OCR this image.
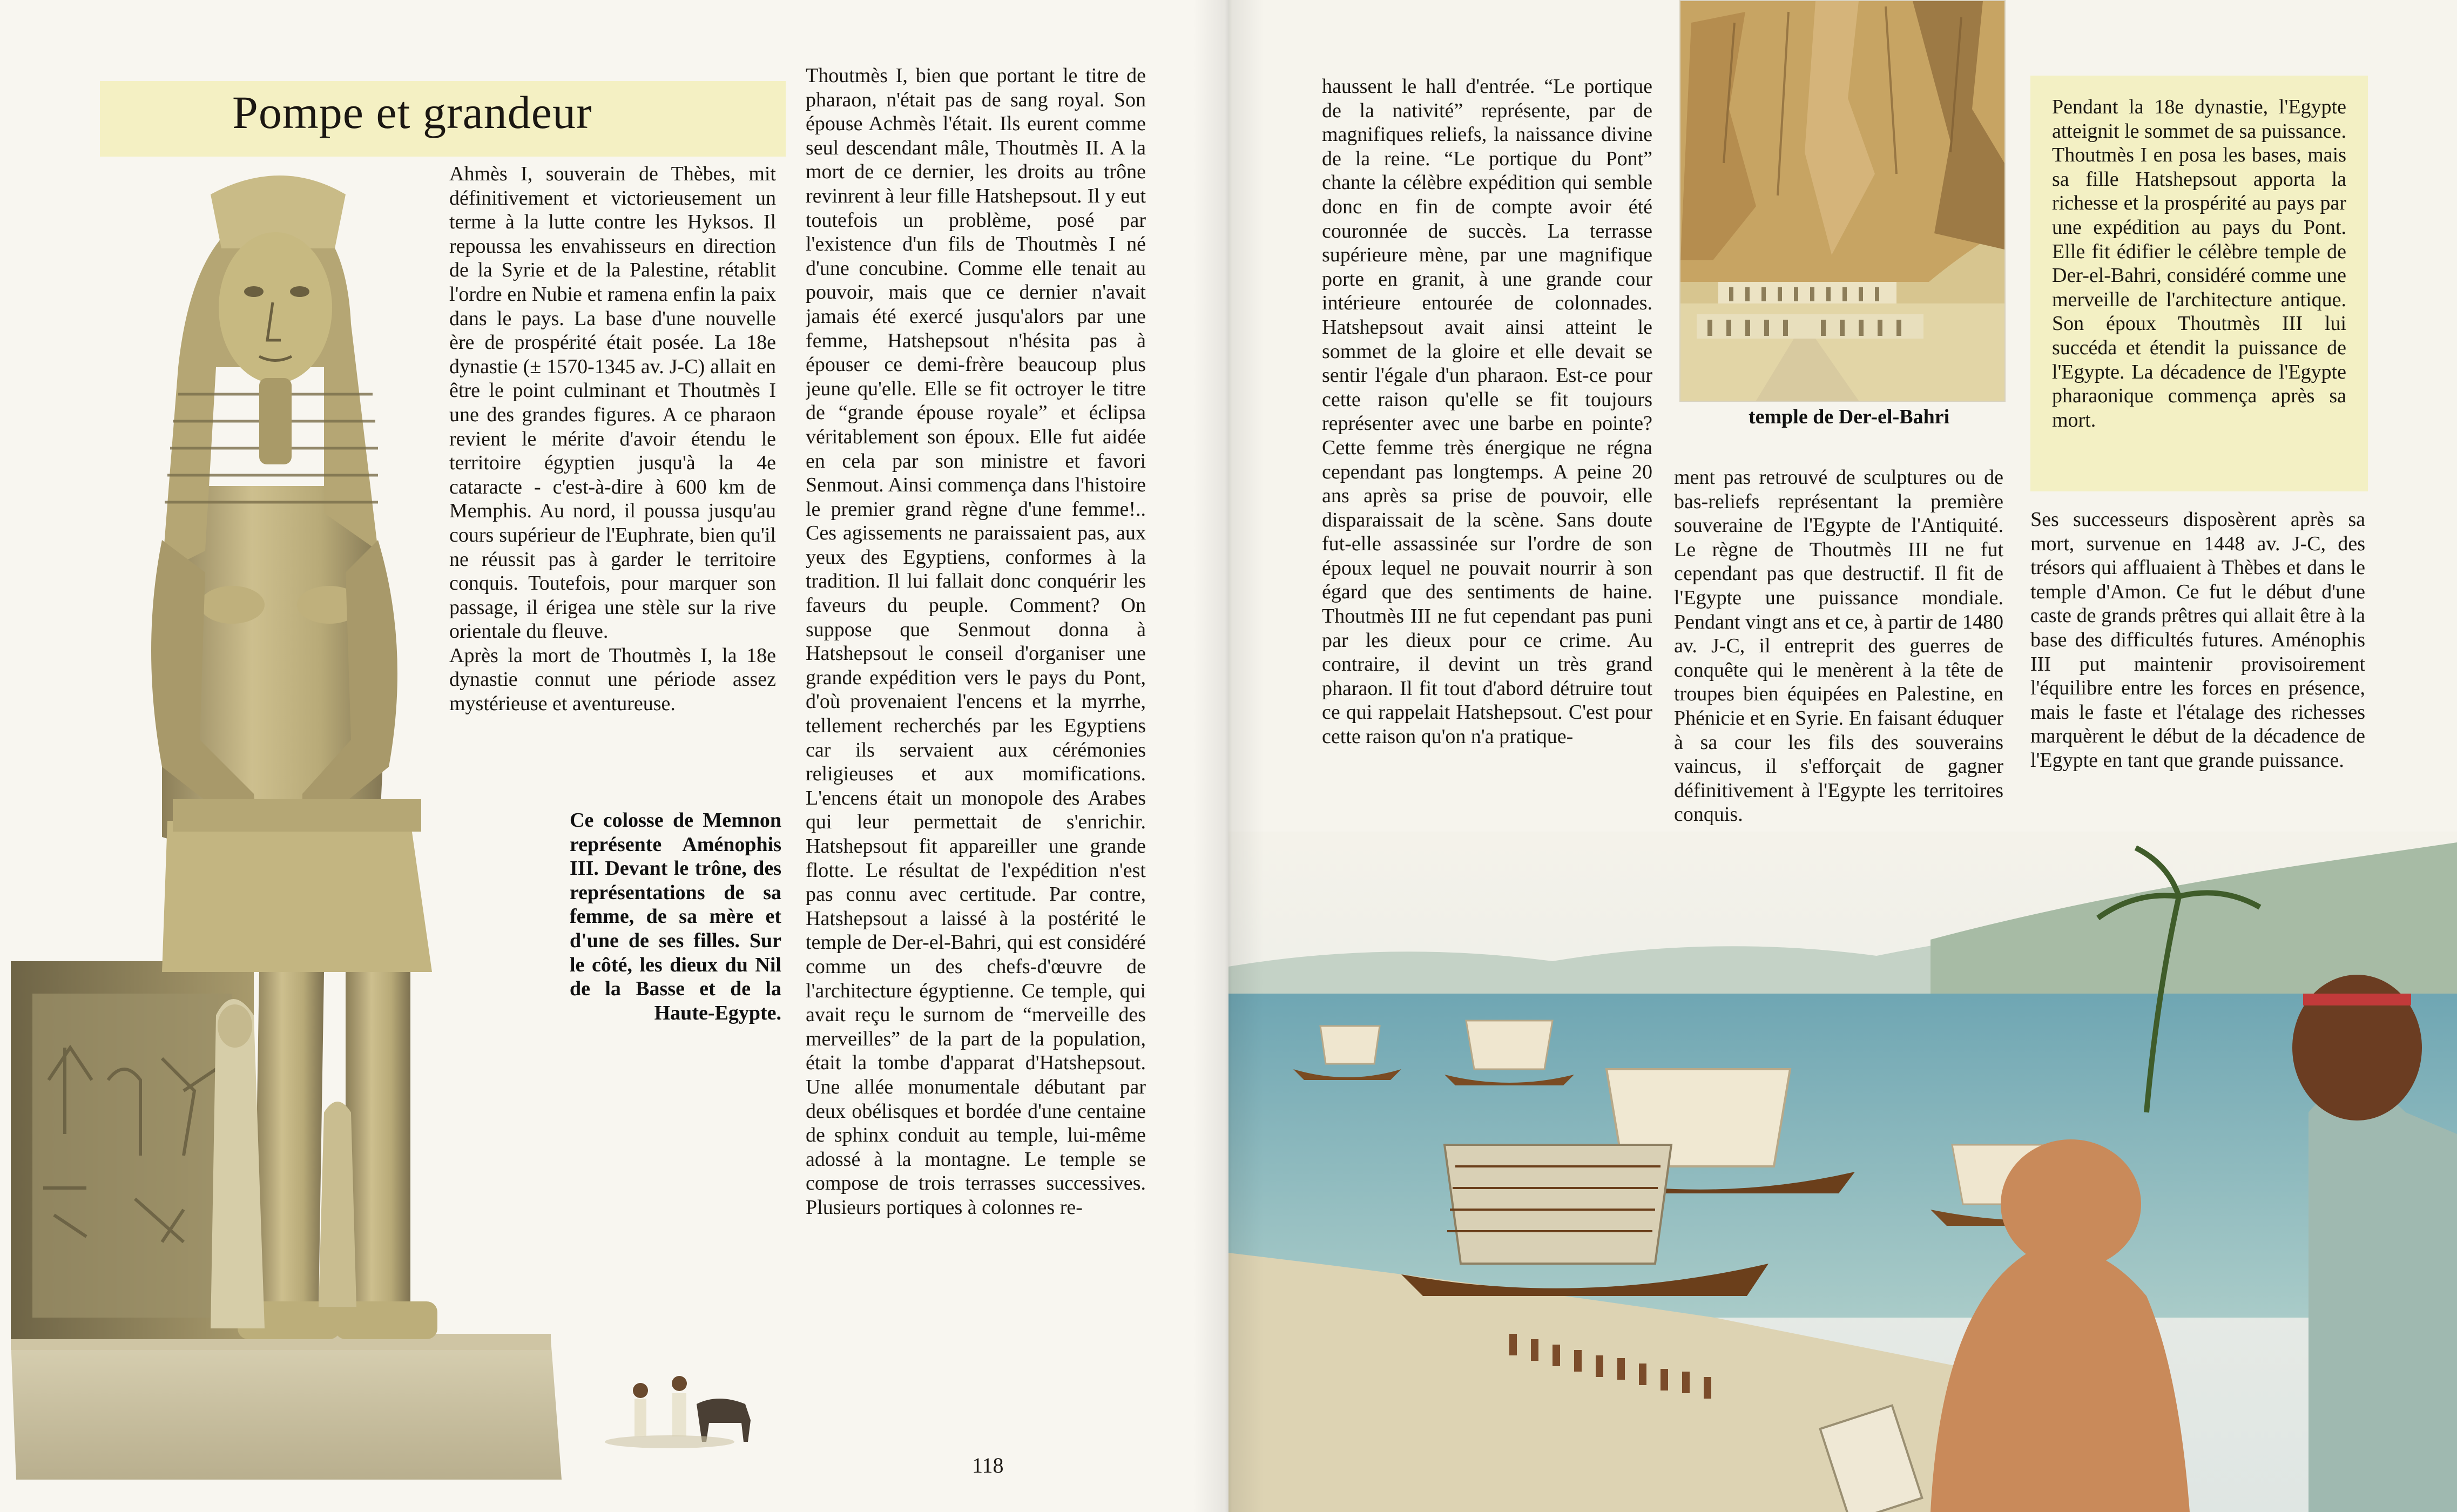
Pompe et grandeur

Ahmès I, souverain de Thèbes, mit définitivement et victorieusement un terme à la lutte contre les Hyksos. Il repoussa les envahisseurs en direction de la Syrie et de la Palestine, rétablit l'ordre en Nubie et ramena enfin la paix dans le pays. La base d'une nouvelle ère de prospérité était posée. La 18e dynastie (± 1570-1345 av. J-C) allait en être le point culminant et Thoutmès I une des grandes figures. A ce pharaon revient le mérite d'avoir étendu le territoire égyptien jusqu'à la 4e cataracte - c'est-à-dire à 600 km de Memphis. Au nord, il poussa jusqu'au cours supérieur de l'Euphrate, bien qu'il ne réussit pas à garder le territoire conquis. Toutefois, pour marquer son passage, il érigea une stèle sur la rive orientale du fleuve.

Après la mort de Thoutmès I, la 18e dynastie connut une période assez mystérieuse et aventureuse.

Ce colosse de Memnon représente Aménophis III. Devant le trône, des représentations de sa femme, de sa mère et d'une de ses filles. Sur le côté, les dieux du Nil de la Basse et de la Haute-Egypte.

Thoutmès I, bien que portant le titre de pharaon, n'était pas de sang royal. Son épouse Achmès l'était. Ils eurent comme seul descendant mâle, Thoutmès II. A la mort de ce dernier, les droits au trône revinrent à leur fille Hatshepsout. Il y eut toutefois un problème, posé par l'existence d'un fils de Thoutmès I né d'une concubine. Comme elle tenait au pouvoir, mais que ce dernier n'avait jamais été exercé jusqu'alors par une femme, Hatshepsout n'hésita pas à épouser ce demi-frère beaucoup plus jeune qu'elle. Elle se fit octroyer le titre de “grande épouse royale” et éclipsa véritablement son époux. Elle fut aidée en cela par son ministre et favori Senmout. Ainsi commença dans l'histoire le premier grand règne d'une femme!.. Ces agissements ne paraissaient pas, aux yeux des Egyptiens, conformes à la tradition. Il lui fallait donc conquérir les faveurs du peuple. Comment? On suppose que Senmout donna à Hatshepsout le conseil d'organiser une grande expédition vers le pays du Pont, d'où provenaient l'encens et la myrrhe, tellement recherchés par les Egyptiens car ils servaient aux cérémonies religieuses et aux momifications. L'encens était un monopole des Arabes qui leur permettait de s'enrichir. Hatshepsout fit appareiller une grande flotte. Le résultat de l'expédition n'est pas connu avec certitude. Par contre, Hatshepsout a laissé à la postérité le temple de Der-el-Bahri, qui est considéré comme un des chefs-d'œuvre de l'architecture égyptienne. Ce temple, qui avait reçu le surnom de “merveille des merveilles” de la part de la population, était la tombe d'apparat d'Hatshepsout. Une allée monumentale débutant par deux obélisques et bordée d'une centaine de sphinx conduit au temple, lui-même adossé à la montagne. Le temple se compose de trois terrasses successives. Plusieurs portiques à colonnes re-

118

haussent le hall d'entrée. “Le portique de la nativité” représente, par de magnifiques reliefs, la naissance divine de la reine. “Le portique du Pont” chante la célèbre expédition qui semble donc en fin de compte avoir été couronnée de succès. La terrasse supérieure mène, par une magnifique porte en granit, à une grande cour intérieure entourée de colonnades. Hatshepsout avait ainsi atteint le sommet de la gloire et elle devait se sentir l'égale d'un pharaon. Est-ce pour cette raison qu'elle se fit toujours représenter avec une barbe en pointe? Cette femme très énergique ne régna cependant pas longtemps. A peine 20 ans après sa prise de pouvoir, elle disparaissait de la scène. Sans doute fut-elle assassinée sur l'ordre de son époux lequel ne pouvait nourrir à son égard que des sentiments de haine. Thoutmès III ne fut cependant pas puni par les dieux pour ce crime. Au contraire, il devint un très grand pharaon. Il fit tout d'abord détruire tout ce qui rappelait Hatshepsout. C'est pour cette raison qu'on n'a pratique-

temple de Der-el-Bahri

ment pas retrouvé de sculptures ou de bas-reliefs représentant la première souveraine de l'Egypte de l'Antiquité. Le règne de Thoutmès III ne fut cependant pas que destructif. Il fit de l'Egypte une puissance mondiale. Pendant vingt ans et ce, à partir de 1480 av. J-C, il entreprit des guerres de conquête qui le menèrent à la tête de troupes bien équipées en Palestine, en Phénicie et en Syrie. En faisant éduquer à sa cour les fils des souverains vaincus, il s'efforçait de gagner définitivement à l'Egypte les territoires conquis.

Pendant la 18e dynastie, l'Egypte atteignit le sommet de sa puissance. Thoutmès I en posa les bases, mais sa fille Hatshepsout apporta la richesse et la prospérité au pays par une expédition au pays du Pont. Elle fit édifier le célèbre temple de Der-el-Bahri, considéré comme une merveille de l'architecture antique. Son époux Thoutmès III lui succéda et étendit la puissance de l'Egypte. La décadence de l'Egypte pharaonique commença après sa mort.

Ses successeurs disposèrent après sa mort, survenue en 1448 av. J-C, des trésors qui affluaient à Thèbes et dans le temple d'Amon. Ce fut le début d'une caste de grands prêtres qui allait être à la base des difficultés futures. Aménophis III put maintenir provisoirement l'équilibre entre les forces en présence, mais le faste et l'étalage des richesses marquèrent le début de la décadence de l'Egypte en tant que grande puissance.
